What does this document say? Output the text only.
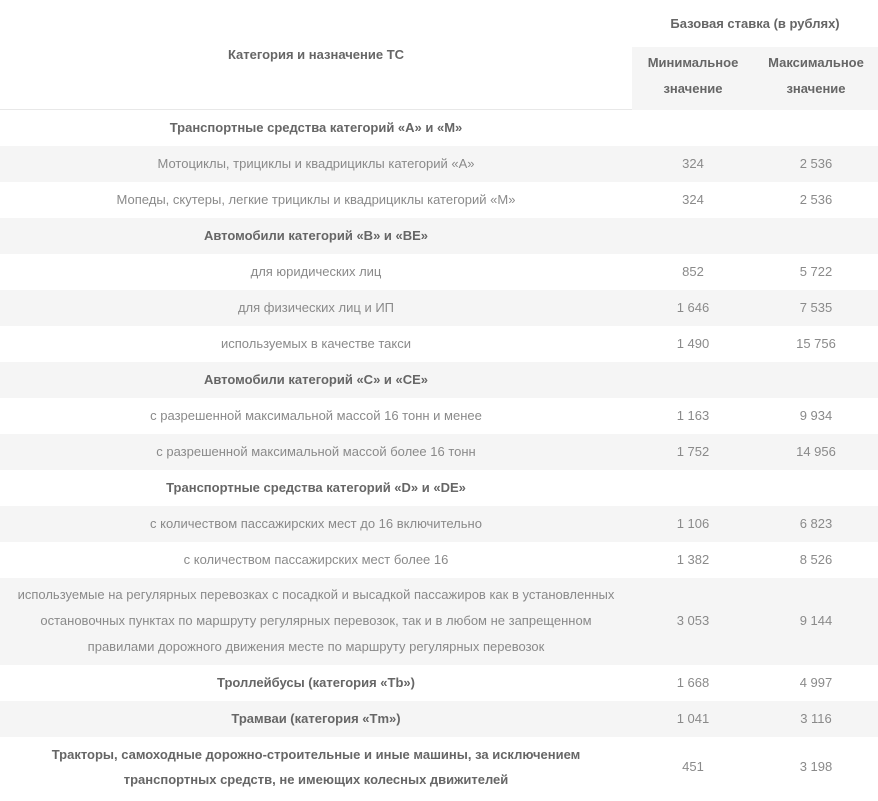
Категория и назначение ТС	Базовая ставка (в рублях)	
	Минимальное значение	Максимальное значение
Транспортные средства категорий «A» и «M»		
Мотоциклы, трициклы и квадрициклы категорий «A»	324	2 536
Мопеды, скутеры, легкие трициклы и квадрициклы категорий «M»	324	2 536
Автомобили категорий «B» и «BE»		
для юридических лиц	852	5 722
для физических лиц и ИП	1 646	7 535
используемых в качестве такси	1 490	15 756
Автомобили категорий «C» и «CE»		
с разрешенной максимальной массой 16 тонн и менее	1 163	9 934
с разрешенной максимальной массой более 16 тонн	1 752	14 956
Транспортные средства категорий «D» и «DE»		
с количеством пассажирских мест до 16 включительно	1 106	6 823
с количеством пассажирских мест более 16	1 382	8 526
используемые на регулярных перевозках с посадкой и высадкой пассажиров как в установленных остановочных пунктах по маршруту регулярных перевозок, так и в любом не запрещенном правилами дорожного движения месте по маршруту регулярных перевозок	3 053	9 144
Троллейбусы (категория «Tb»)	1 668	4 997
Трамваи (категория «Tm»)	1 041	3 116
Тракторы, самоходные дорожно-строительные и иные машины, за исключением транспортных средств, не имеющих колесных движителей	451	3 198
